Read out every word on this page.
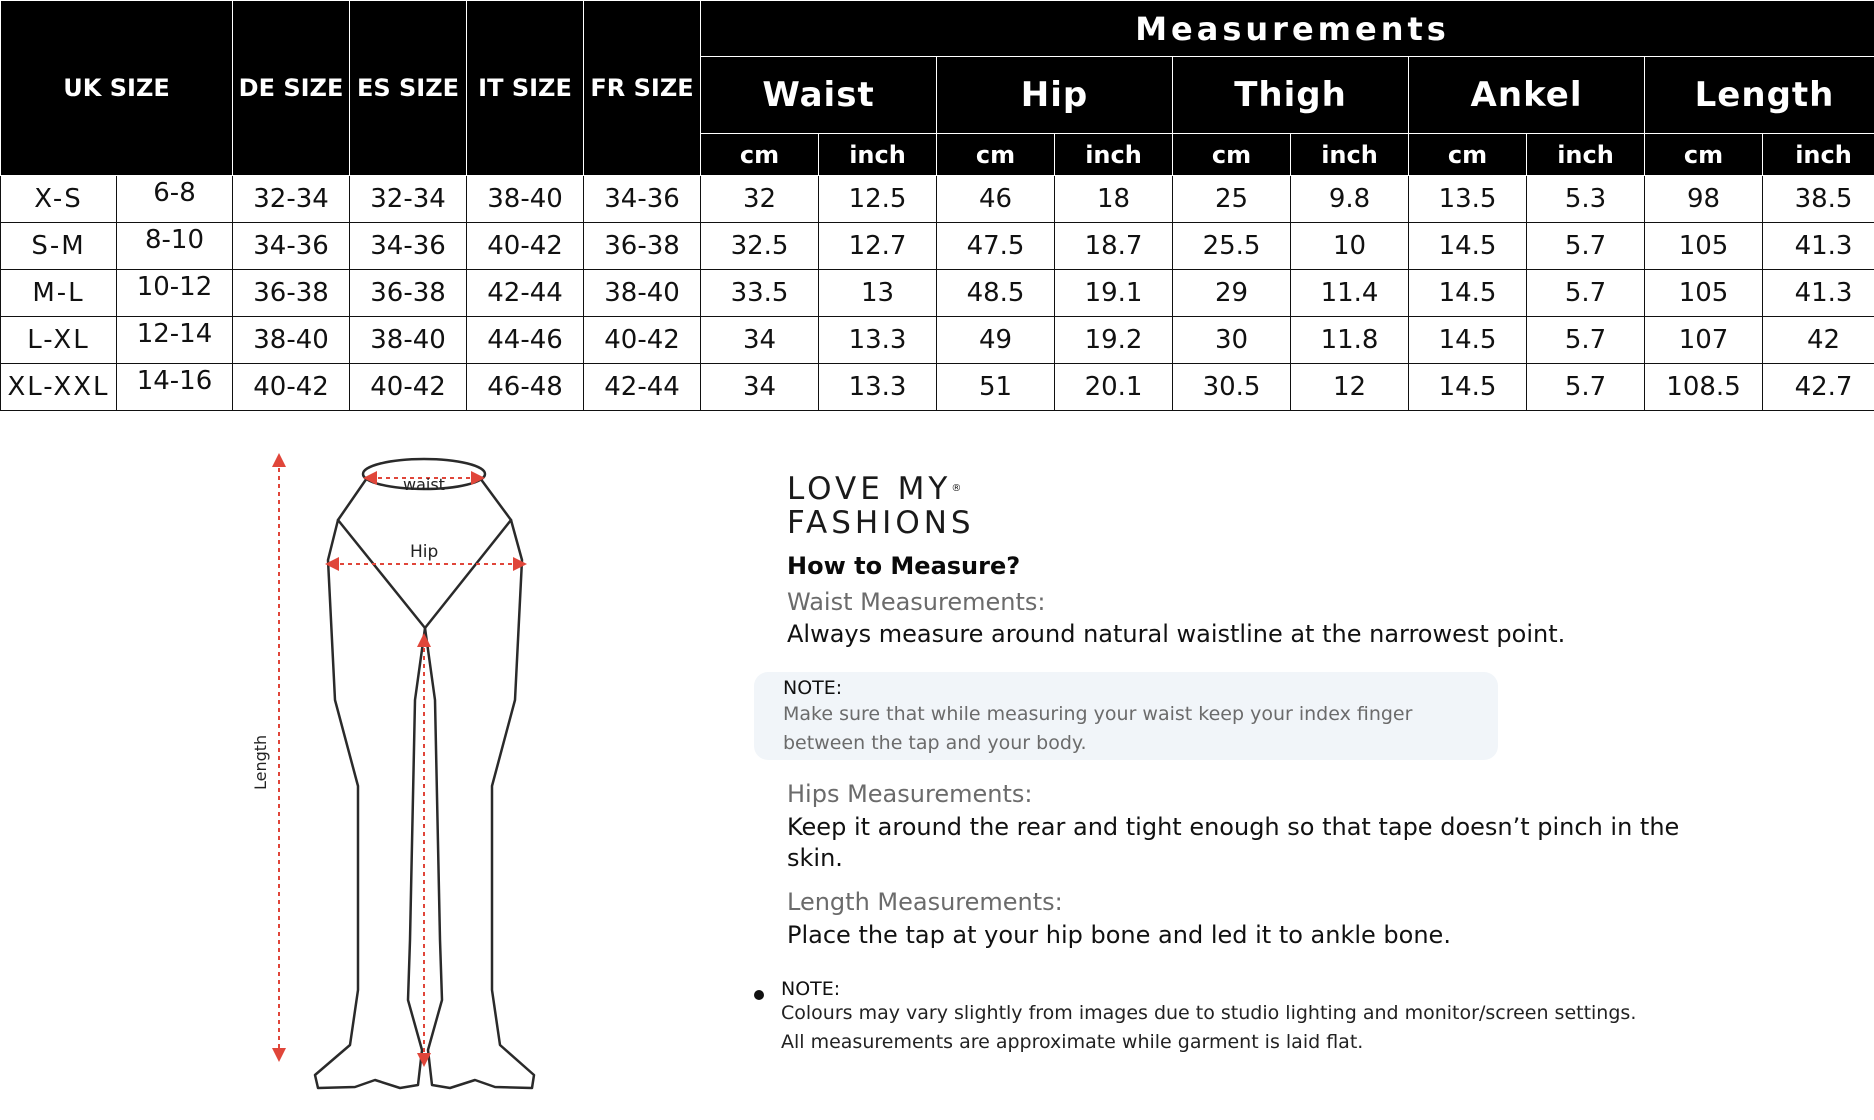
UK SIZE		DE SIZE	ES SIZE	IT SIZE	FR SIZE	Measurements									
						Waist		Hip		Thigh		Ankel		Length	
						cm	inch	cm	inch	cm	inch	cm	inch	cm	inch
X-S	6-8	32-34	32-34	38-40	34-36	32	12.5	46	18	25	9.8	13.5	5.3	98	38.5
S-M	8-10	34-36	34-36	40-42	36-38	32.5	12.7	47.5	18.7	25.5	10	14.5	5.7	105	41.3
M-L	10-12	36-38	36-38	42-44	38-40	33.5	13	48.5	19.1	29	11.4	14.5	5.7	105	41.3
L-XL	12-14	38-40	38-40	44-46	40-42	34	13.3	49	19.2	30	11.8	14.5	5.7	107	42
XL-XXL	14-16	40-42	40-42	46-48	42-44	34	13.3	51	20.1	30.5	12	14.5	5.7	108.5	42.7
waist
Hip
Length
LOVE MY®
FASHIONS
How to Measure?
Waist Measurements:
Always measure around natural waistline at the narrowest point.
NOTE:
Make sure that while measuring your waist keep your index finger between the tap and your body.
Hips Measurements:
Keep it around the rear and tight enough so that tape doesn’t pinch in the skin.
Length Measurements:
Place the tap at your hip bone and led it to ankle bone.
NOTE:
Colours may vary slightly from images due to studio lighting and monitor/screen settings. All measurements are approximate while garment is laid flat.
